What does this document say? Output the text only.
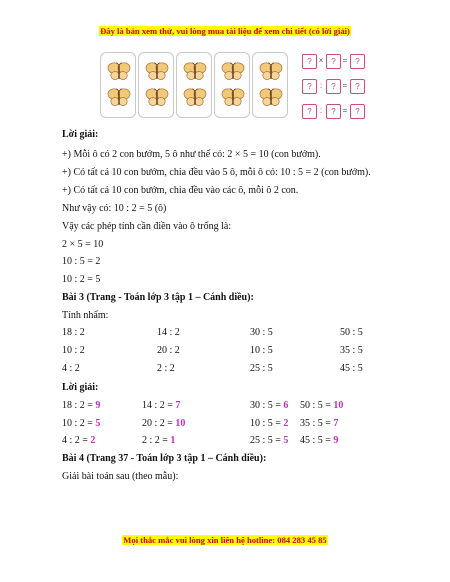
Đây là bản xem thử, vui lòng mua tài liệu để xem chi tiết (có lời giải)
? × ? = ?
?	:	? = ?
?	:	? = ?
Lời giải:
+) Mỗi ô có 2 con bướm, 5 ô như thế có: 2 × 5 = 10 (con bướm).
+) Có tất cả 10 con bướm, chia đều vào 5 ô, mỗi ô có: 10 : 5 = 2 (con bướm).
+) Có tất cả 10 con bướm, chia đều vào các ô, mỗi ô 2 con.
Như vậy có: 10 : 2 = 5 (ô)
Vậy các phép tính cần điền vào ô trống là:
2 × 5 = 10
10 : 5 = 2
10 : 2 = 5
Bài 3 (Trang - Toán lớp 3 tập 1 – Cánh diều):
Tính nhẩm:
18 : 2	14 : 2	30 : 5	50 : 5
10 : 2	20 : 2	10 : 5	35 : 5
4 : 2	2 : 2	25 : 5	45 : 5
Lời giải:
18 : 2 = 9	14 : 2 = 7	30 : 5 = 6 50 : 5 = 10
10 : 2 = 5	20 : 2 = 10	10 : 5 = 2 35 : 5 = 7
4 : 2 = 2	2 : 2 = 1	25 : 5 = 5 45 : 5 = 9
Bài 4 (Trang 37 - Toán lớp 3 tập 1 – Cánh diều):
Giải bài toán sau (theo mẫu):
Mọi thắc mắc vui lòng xin liên hệ hotline: 084 283 45 85
